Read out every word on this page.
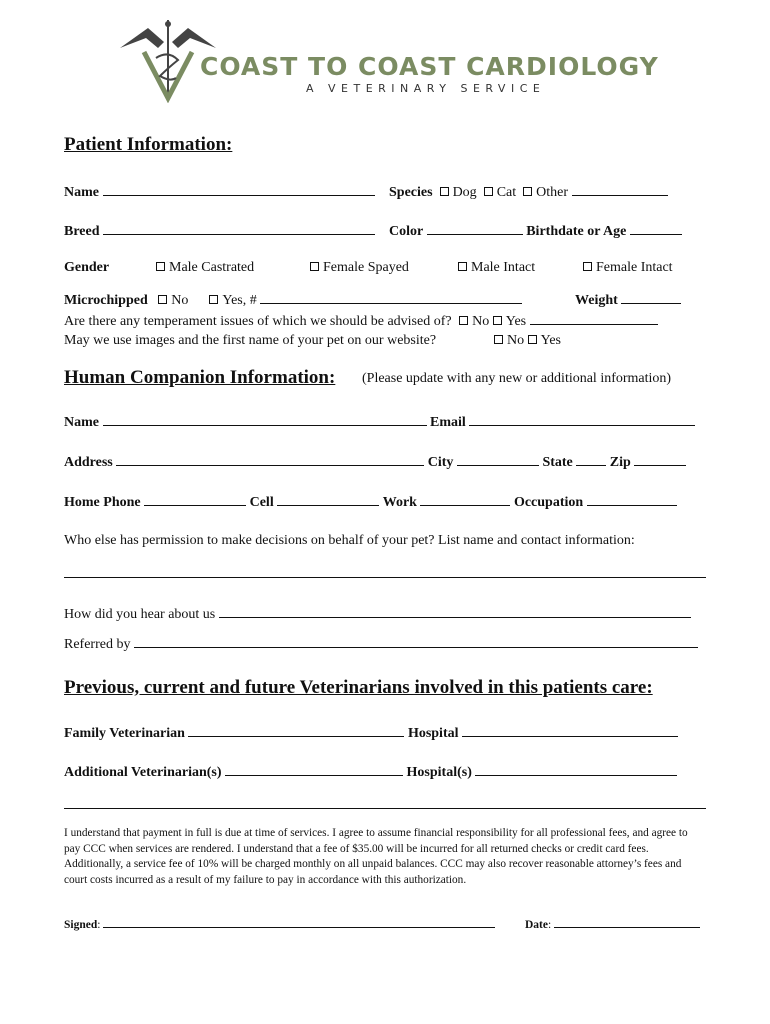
COAST TO COAST CARDIOLOGY
A VETERINARY SERVICE
Patient Information:
Name	Species Dog Cat Other
Breed	Color	Birthdate or Age
Gender	Male Castrated	Female Spayed	Male Intact	Female Intact
Microchipped No Yes, #	Weight
Are there any temperament issues of which we should be advised of? No Yes
May we use images and the first name of your pet on our website?	No Yes
Human Companion Information: (Please update with any new or additional information)
Name	Email
Address	City	State	Zip
Home Phone	Cell	Work	Occupation
Who else has permission to make decisions on behalf of your pet? List name and contact information:
How did you hear about us
Referred by
Previous, current and future Veterinarians involved in this patients care:
Family Veterinarian	Hospital
Additional Veterinarian(s)	Hospital(s)
I understand that payment in full is due at time of services. I agree to assume financial responsibility for all professional fees, and agree to pay CCC when services are rendered. I understand that a fee of $35.00 will be incurred for all returned checks or credit card fees. Additionally, a service fee of 10% will be charged monthly on all unpaid balances. CCC may also recover reasonable attorney’s fees and court costs incurred as a result of my failure to pay in accordance with this authorization.
Signed:	Date:
